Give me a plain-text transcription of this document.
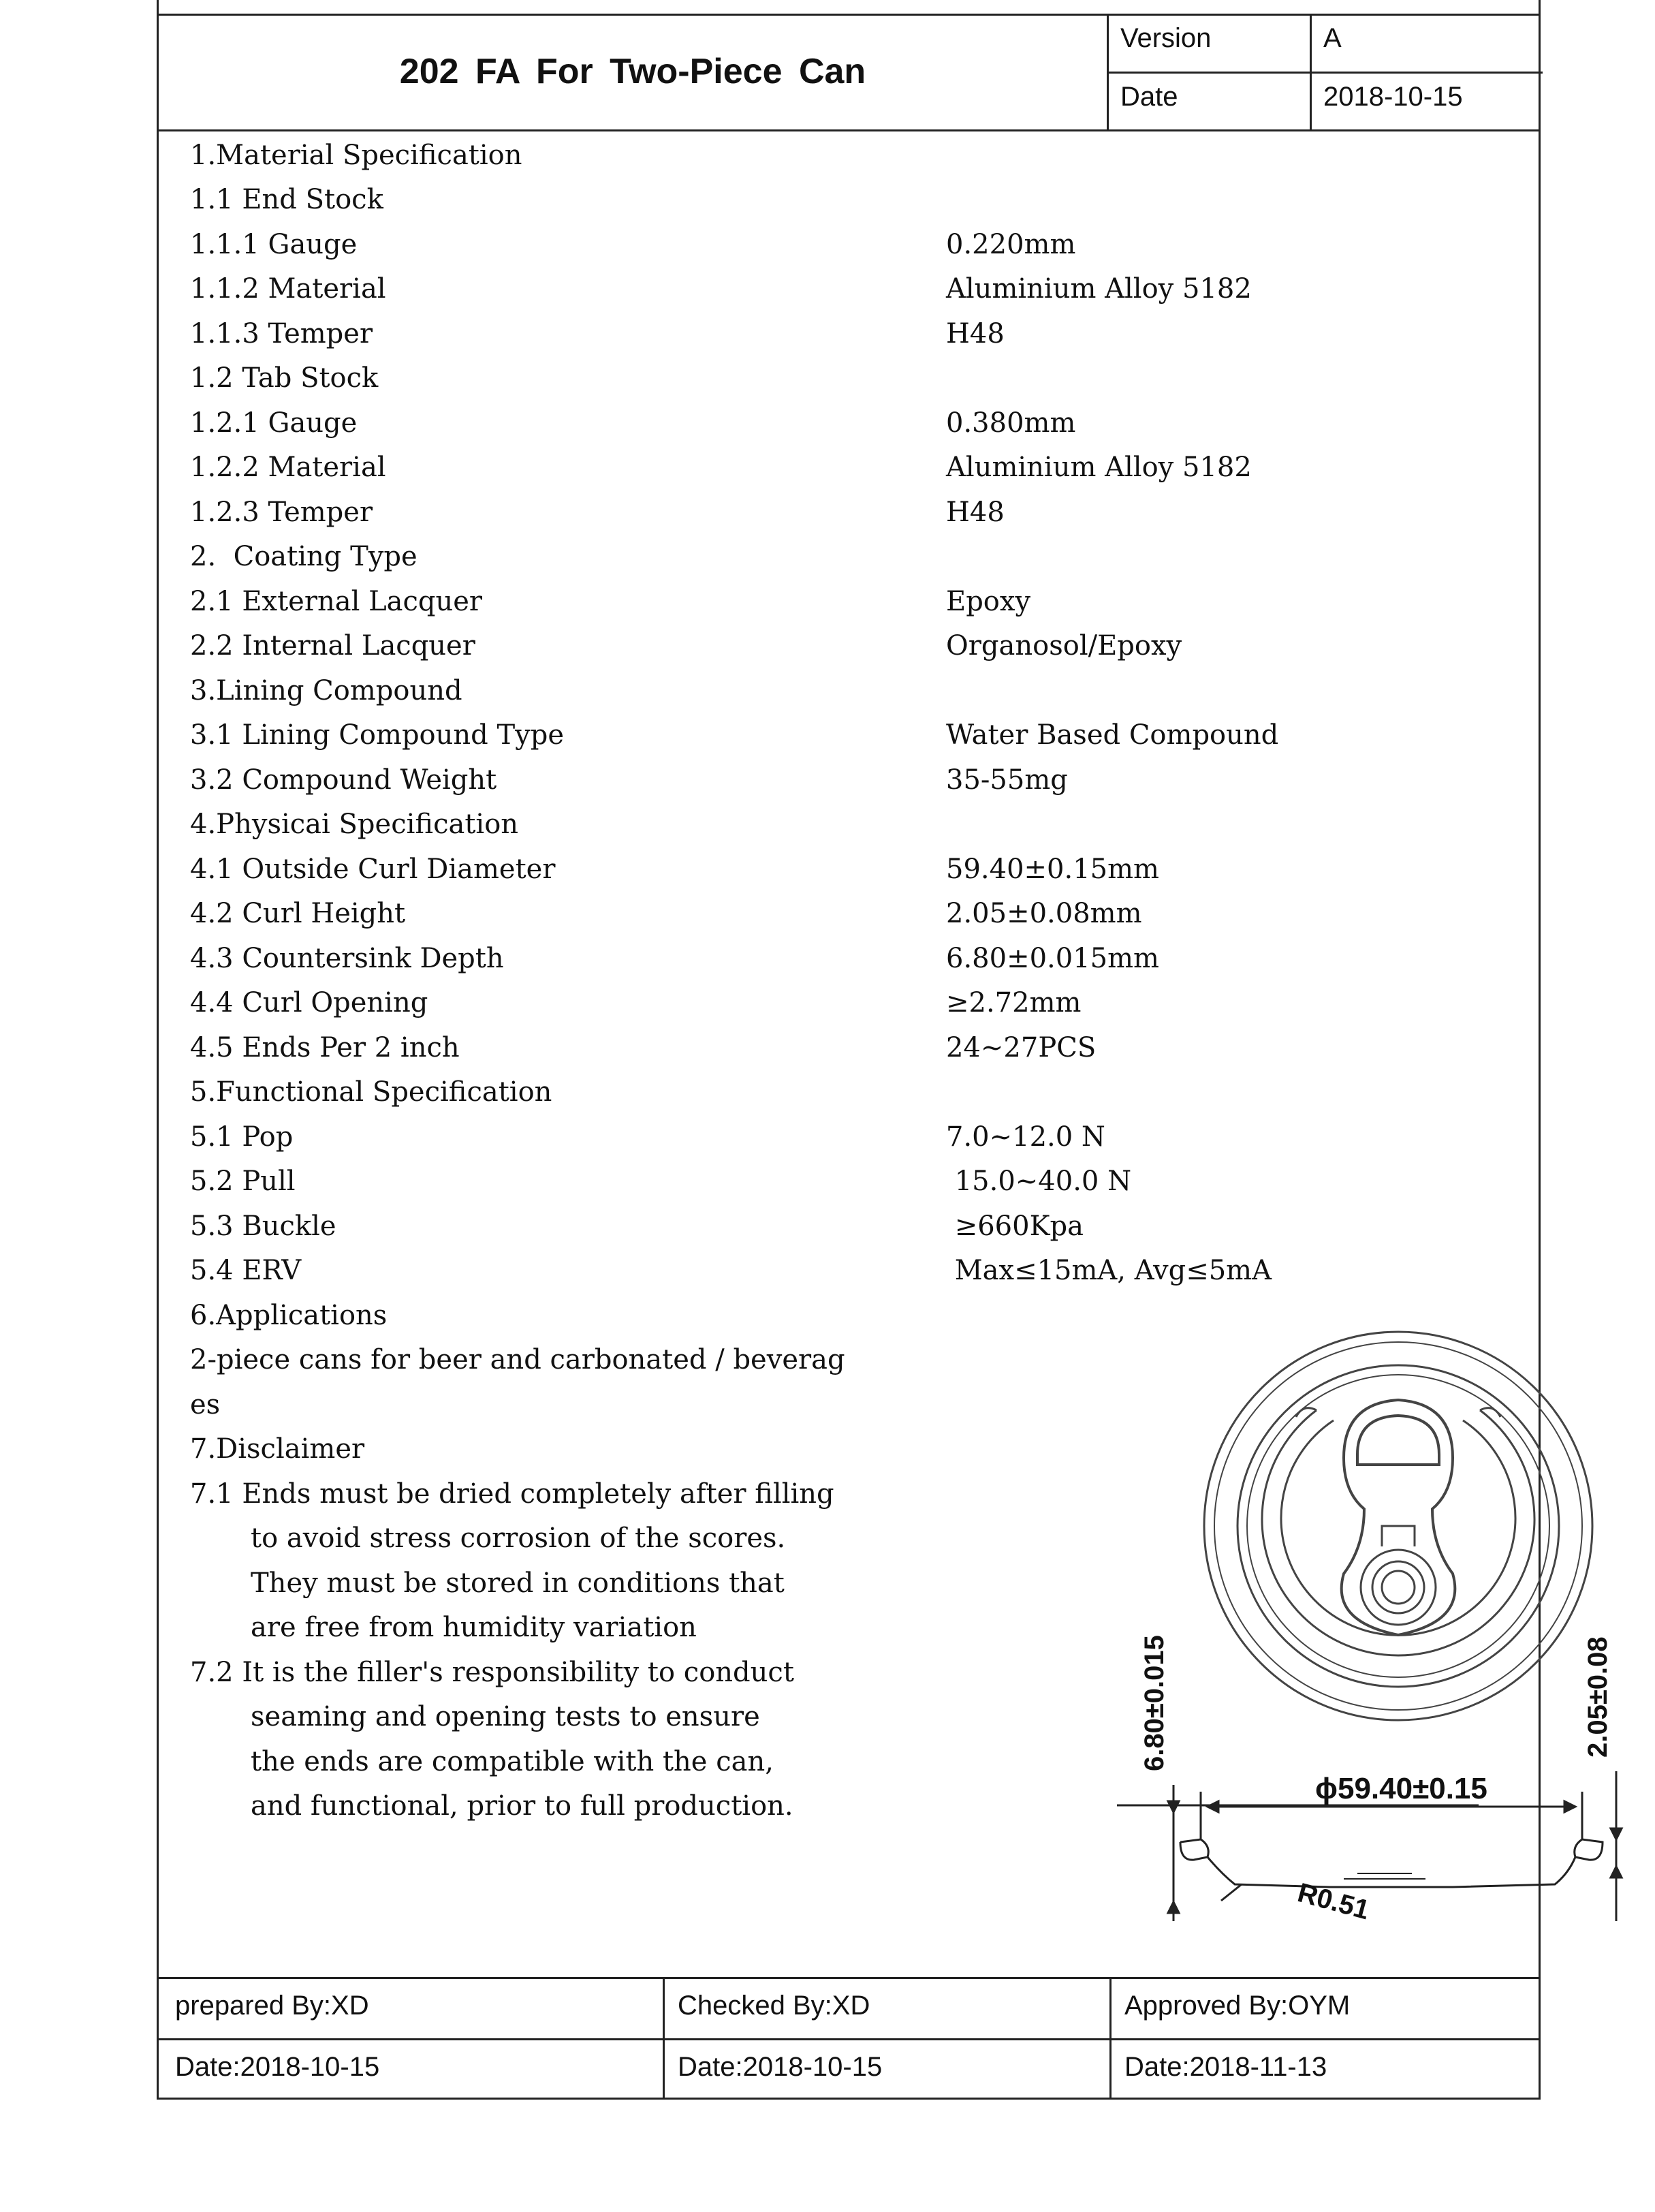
202 FA For Two-Piece Can
Version	A
Date	2018-10-15
1.Material Specification
1.1 End Stock
1.1.1 Gauge	0.220mm
1.1.2 Material	Aluminium Alloy 5182
1.1.3 Temper	H48
1.2 Tab Stock
1.2.1 Gauge	0.380mm
1.2.2 Material	Aluminium Alloy 5182
1.2.3 Temper	H48
2.  Coating Type
2.1 External Lacquer	Epoxy
2.2 Internal Lacquer	Organosol/Epoxy
3.Lining Compound
3.1 Lining Compound Type	Water Based Compound
3.2 Compound Weight	35-55mg
4.Physicai Specification
4.1 Outside Curl Diameter	59.40±0.15mm
4.2 Curl Height	2.05±0.08mm
4.3 Countersink Depth	6.80±0.015mm
4.4 Curl Opening	≥2.72mm
4.5 Ends Per 2 inch	24~27PCS
5.Functional Specification
5.1 Pop	7.0~12.0 N
5.2 Pull	15.0~40.0 N
5.3 Buckle	≥660Kpa
5.4 ERV	Max≤15mA, Avg≤5mA
6.Applications
2-piece cans for beer and carbonated / beverag
es
7.Disclaimer
7.1 Ends must be dried completely after filling
to avoid stress corrosion of the scores.
They must be stored in conditions that
are free from humidity variation
7.2 It is the filler's responsibility to conduct
seaming and opening tests to ensure
the ends are compatible with the can,
and functional, prior to full production.
ϕ59.40±0.15
6.80±0.015	2.05±0.08
R0.51
prepared By:XD	Checked By:XD	Approved By:OYM
Date:2018-10-15	Date:2018-10-15	Date:2018-11-13
